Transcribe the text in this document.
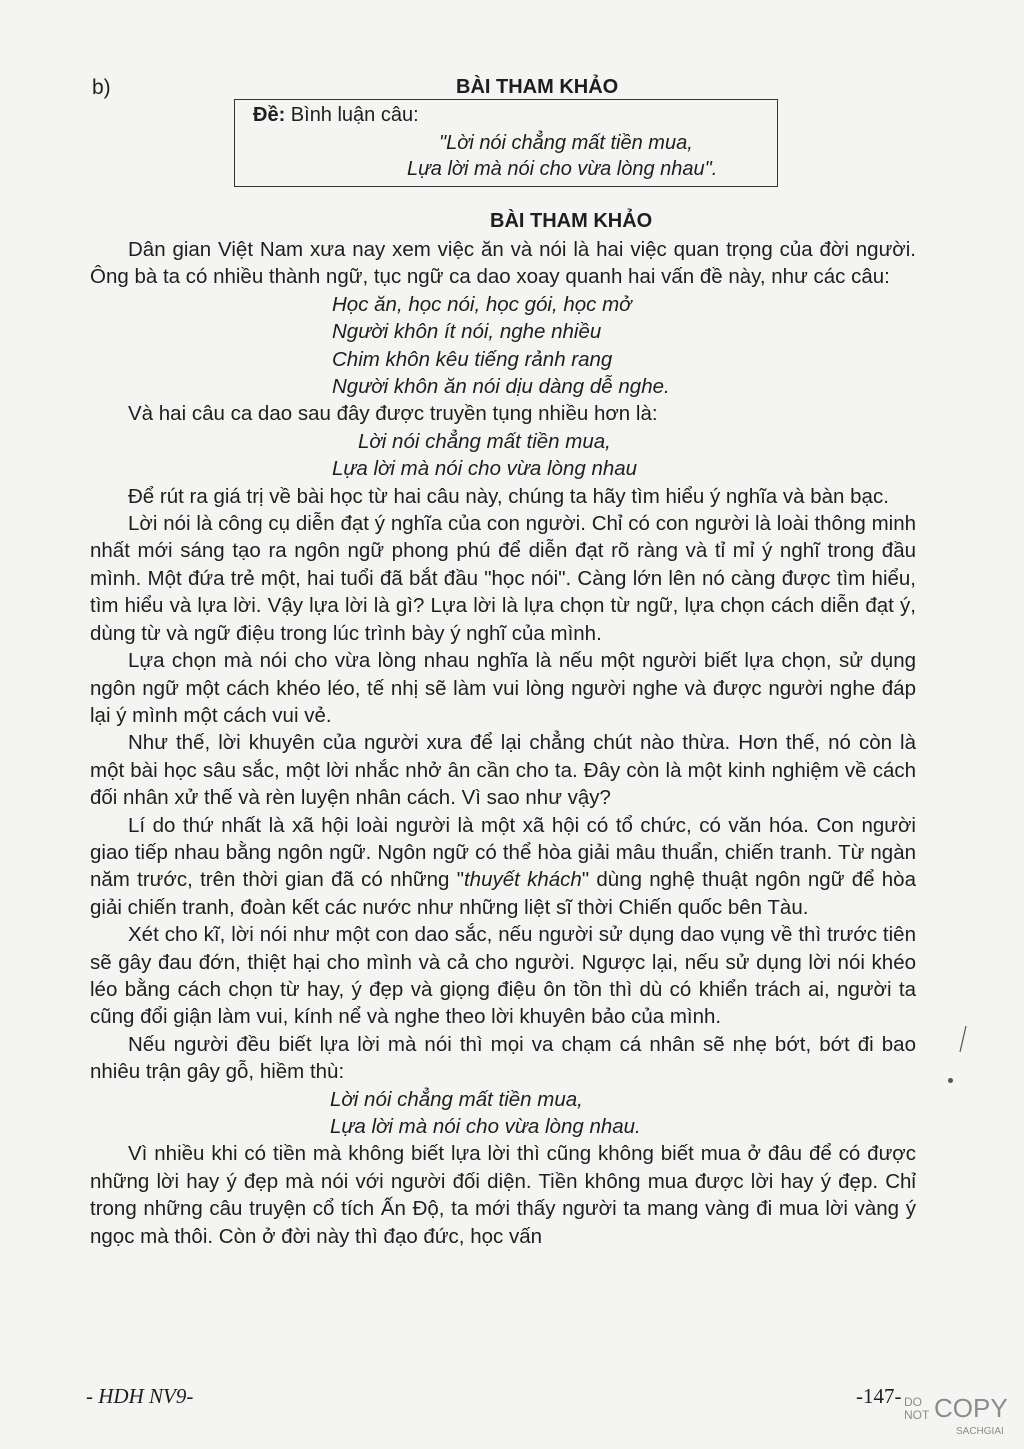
b)	BÀI THAM KHẢO
Đề: Bình luận câu:
"Lời nói chẳng mất tiền mua,
Lựa lời mà nói cho vừa lòng nhau".
BÀI THAM KHẢO

Dân gian Việt Nam xưa nay xem việc ăn và nói là hai việc quan trọng của đời người. Ông bà ta có nhiều thành ngữ, tục ngữ ca dao xoay quanh hai vấn đề này, như các câu:

Học ăn, học nói, học gói, học mở
Người khôn ít nói, nghe nhiều
Chim khôn kêu tiếng rảnh rang
Người khôn ăn nói dịu dàng dễ nghe.

Và hai câu ca dao sau đây được truyền tụng nhiều hơn là:

Lời nói chẳng mất tiền mua,
Lựa lời mà nói cho vừa lòng nhau

Để rút ra giá trị về bài học từ hai câu này, chúng ta hãy tìm hiểu ý nghĩa và bàn bạc.

Lời nói là công cụ diễn đạt ý nghĩa của con người. Chỉ có con người là loài thông minh nhất mới sáng tạo ra ngôn ngữ phong phú để diễn đạt rõ ràng và tỉ mỉ ý nghĩ trong đầu mình. Một đứa trẻ một, hai tuổi đã bắt đầu "học nói". Càng lớn lên nó càng được tìm hiểu, tìm hiểu và lựa lời. Vậy lựa lời là gì? Lựa lời là lựa chọn từ ngữ, lựa chọn cách diễn đạt ý, dùng từ và ngữ điệu trong lúc trình bày ý nghĩ của mình.

Lựa chọn mà nói cho vừa lòng nhau nghĩa là nếu một người biết lựa chọn, sử dụng ngôn ngữ một cách khéo léo, tế nhị sẽ làm vui lòng người nghe và được người nghe đáp lại ý mình một cách vui vẻ.

Như thế, lời khuyên của người xưa để lại chẳng chút nào thừa. Hơn thế, nó còn là một bài học sâu sắc, một lời nhắc nhở ân cần cho ta. Đây còn là một kinh nghiệm về cách đối nhân xử thế và rèn luyện nhân cách. Vì sao như vậy?

Lí do thứ nhất là xã hội loài người là một xã hội có tổ chức, có văn hóa. Con người giao tiếp nhau bằng ngôn ngữ. Ngôn ngữ có thể hòa giải mâu thuẩn, chiến tranh. Từ ngàn năm trước, trên thời gian đã có những "thuyết khách" dùng nghệ thuật ngôn ngữ để hòa giải chiến tranh, đoàn kết các nước như những liệt sĩ thời Chiến quốc bên Tàu.

Xét cho kĩ, lời nói như một con dao sắc, nếu người sử dụng dao vụng về thì trước tiên sẽ gây đau đớn, thiệt hại cho mình và cả cho người. Ngược lại, nếu sử dụng lời nói khéo léo bằng cách chọn từ hay, ý đẹp và giọng điệu ôn tồn thì dù có khiển trách ai, người ta cũng đổi giận làm vui, kính nể và nghe theo lời khuyên bảo của mình.

Nếu người đều biết lựa lời mà nói thì mọi va chạm cá nhân sẽ nhẹ bớt, bớt đi bao nhiêu trận gây gỗ, hiềm thù:

Lời nói chẳng mất tiền mua,
Lựa lời mà nói cho vừa lòng nhau.

Vì nhiều khi có tiền mà không biết lựa lời thì cũng không biết mua ở đâu để có được những lời hay ý đẹp mà nói với người đối diện. Tiền không mua được lời hay ý đẹp. Chỉ trong những câu truyện cổ tích Ấn Độ, ta mới thấy người ta mang vàng đi mua lời vàng ý ngọc mà thôi. Còn ở đời này thì đạo đức, học vấn

- HDH NV9-	-147- DO
NOT COPY
SACHGIAI
